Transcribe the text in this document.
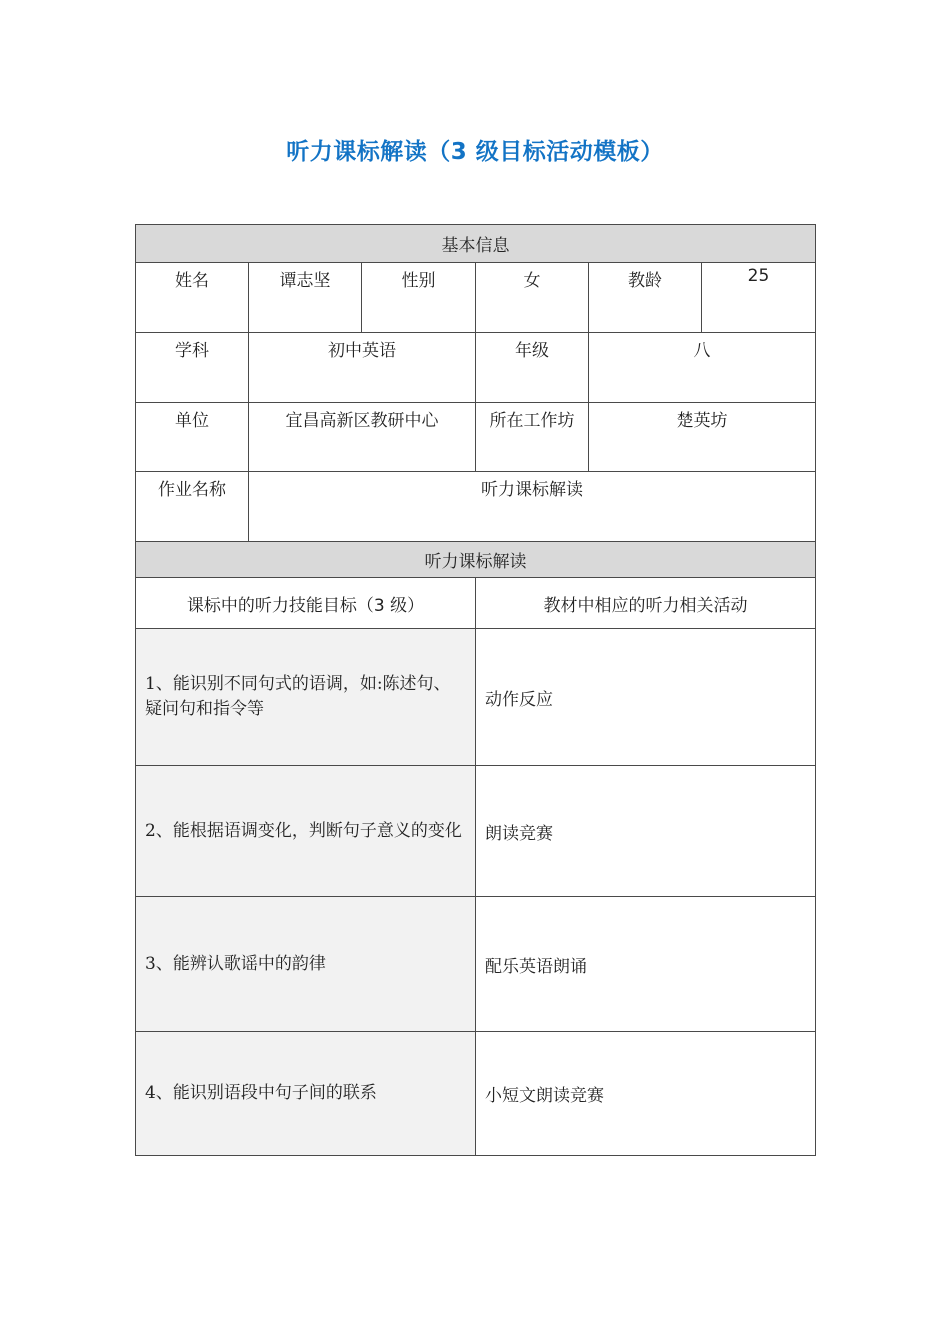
听力课标解读（3 级目标活动模板）
基本信息					
姓名	谭志坚	性别	女	教龄	25
学科	初中英语		年级	八	
单位	宜昌高新区教研中心		所在工作坊	楚英坊	
作业名称	听力课标解读				
听力课标解读					
课标中的听力技能目标（3 级）			教材中相应的听力相关活动		
1、能识别不同句式的语调，如:陈述句、疑问句和指令等			动作反应		
2、能根据语调变化，判断句子意义的变化			朗读竞赛		
3、能辨认歌谣中的韵律			配乐英语朗诵		
4、能识别语段中句子间的联系			小短文朗读竞赛		
